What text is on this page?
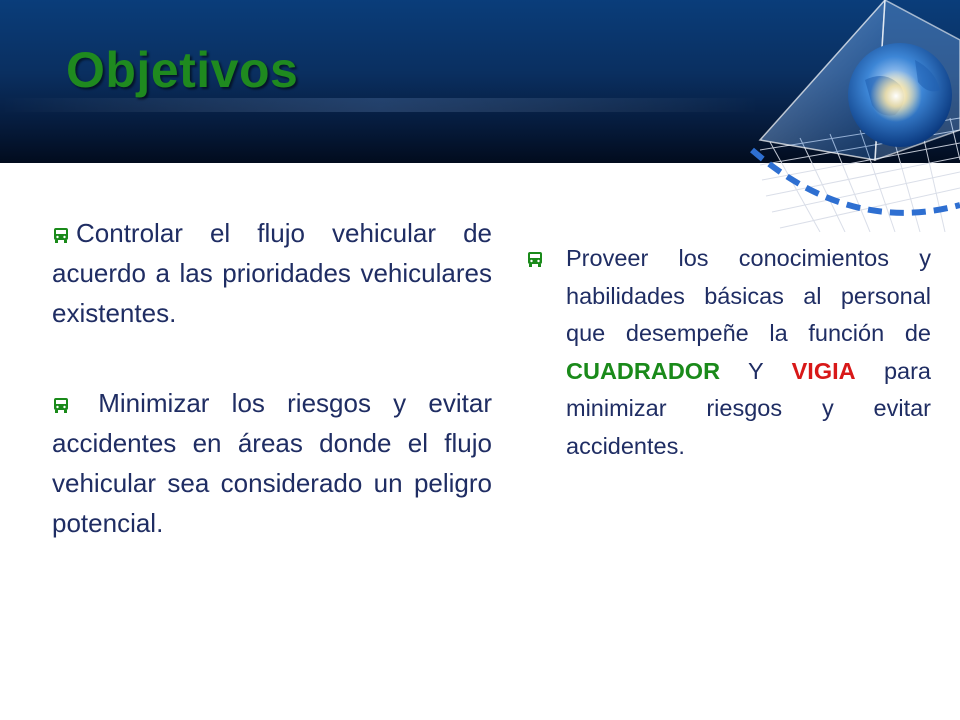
Objetivos

Controlar el flujo vehicular de acuerdo a las prioridades vehiculares existentes.

Minimizar los riesgos y evitar accidentes en áreas donde el flujo vehicular sea considerado un peligro potencial.

Proveer los conocimientos y habilidades básicas al personal que desempeñe la función de CUADRADOR Y VIGIA para minimizar riesgos y evitar accidentes.
